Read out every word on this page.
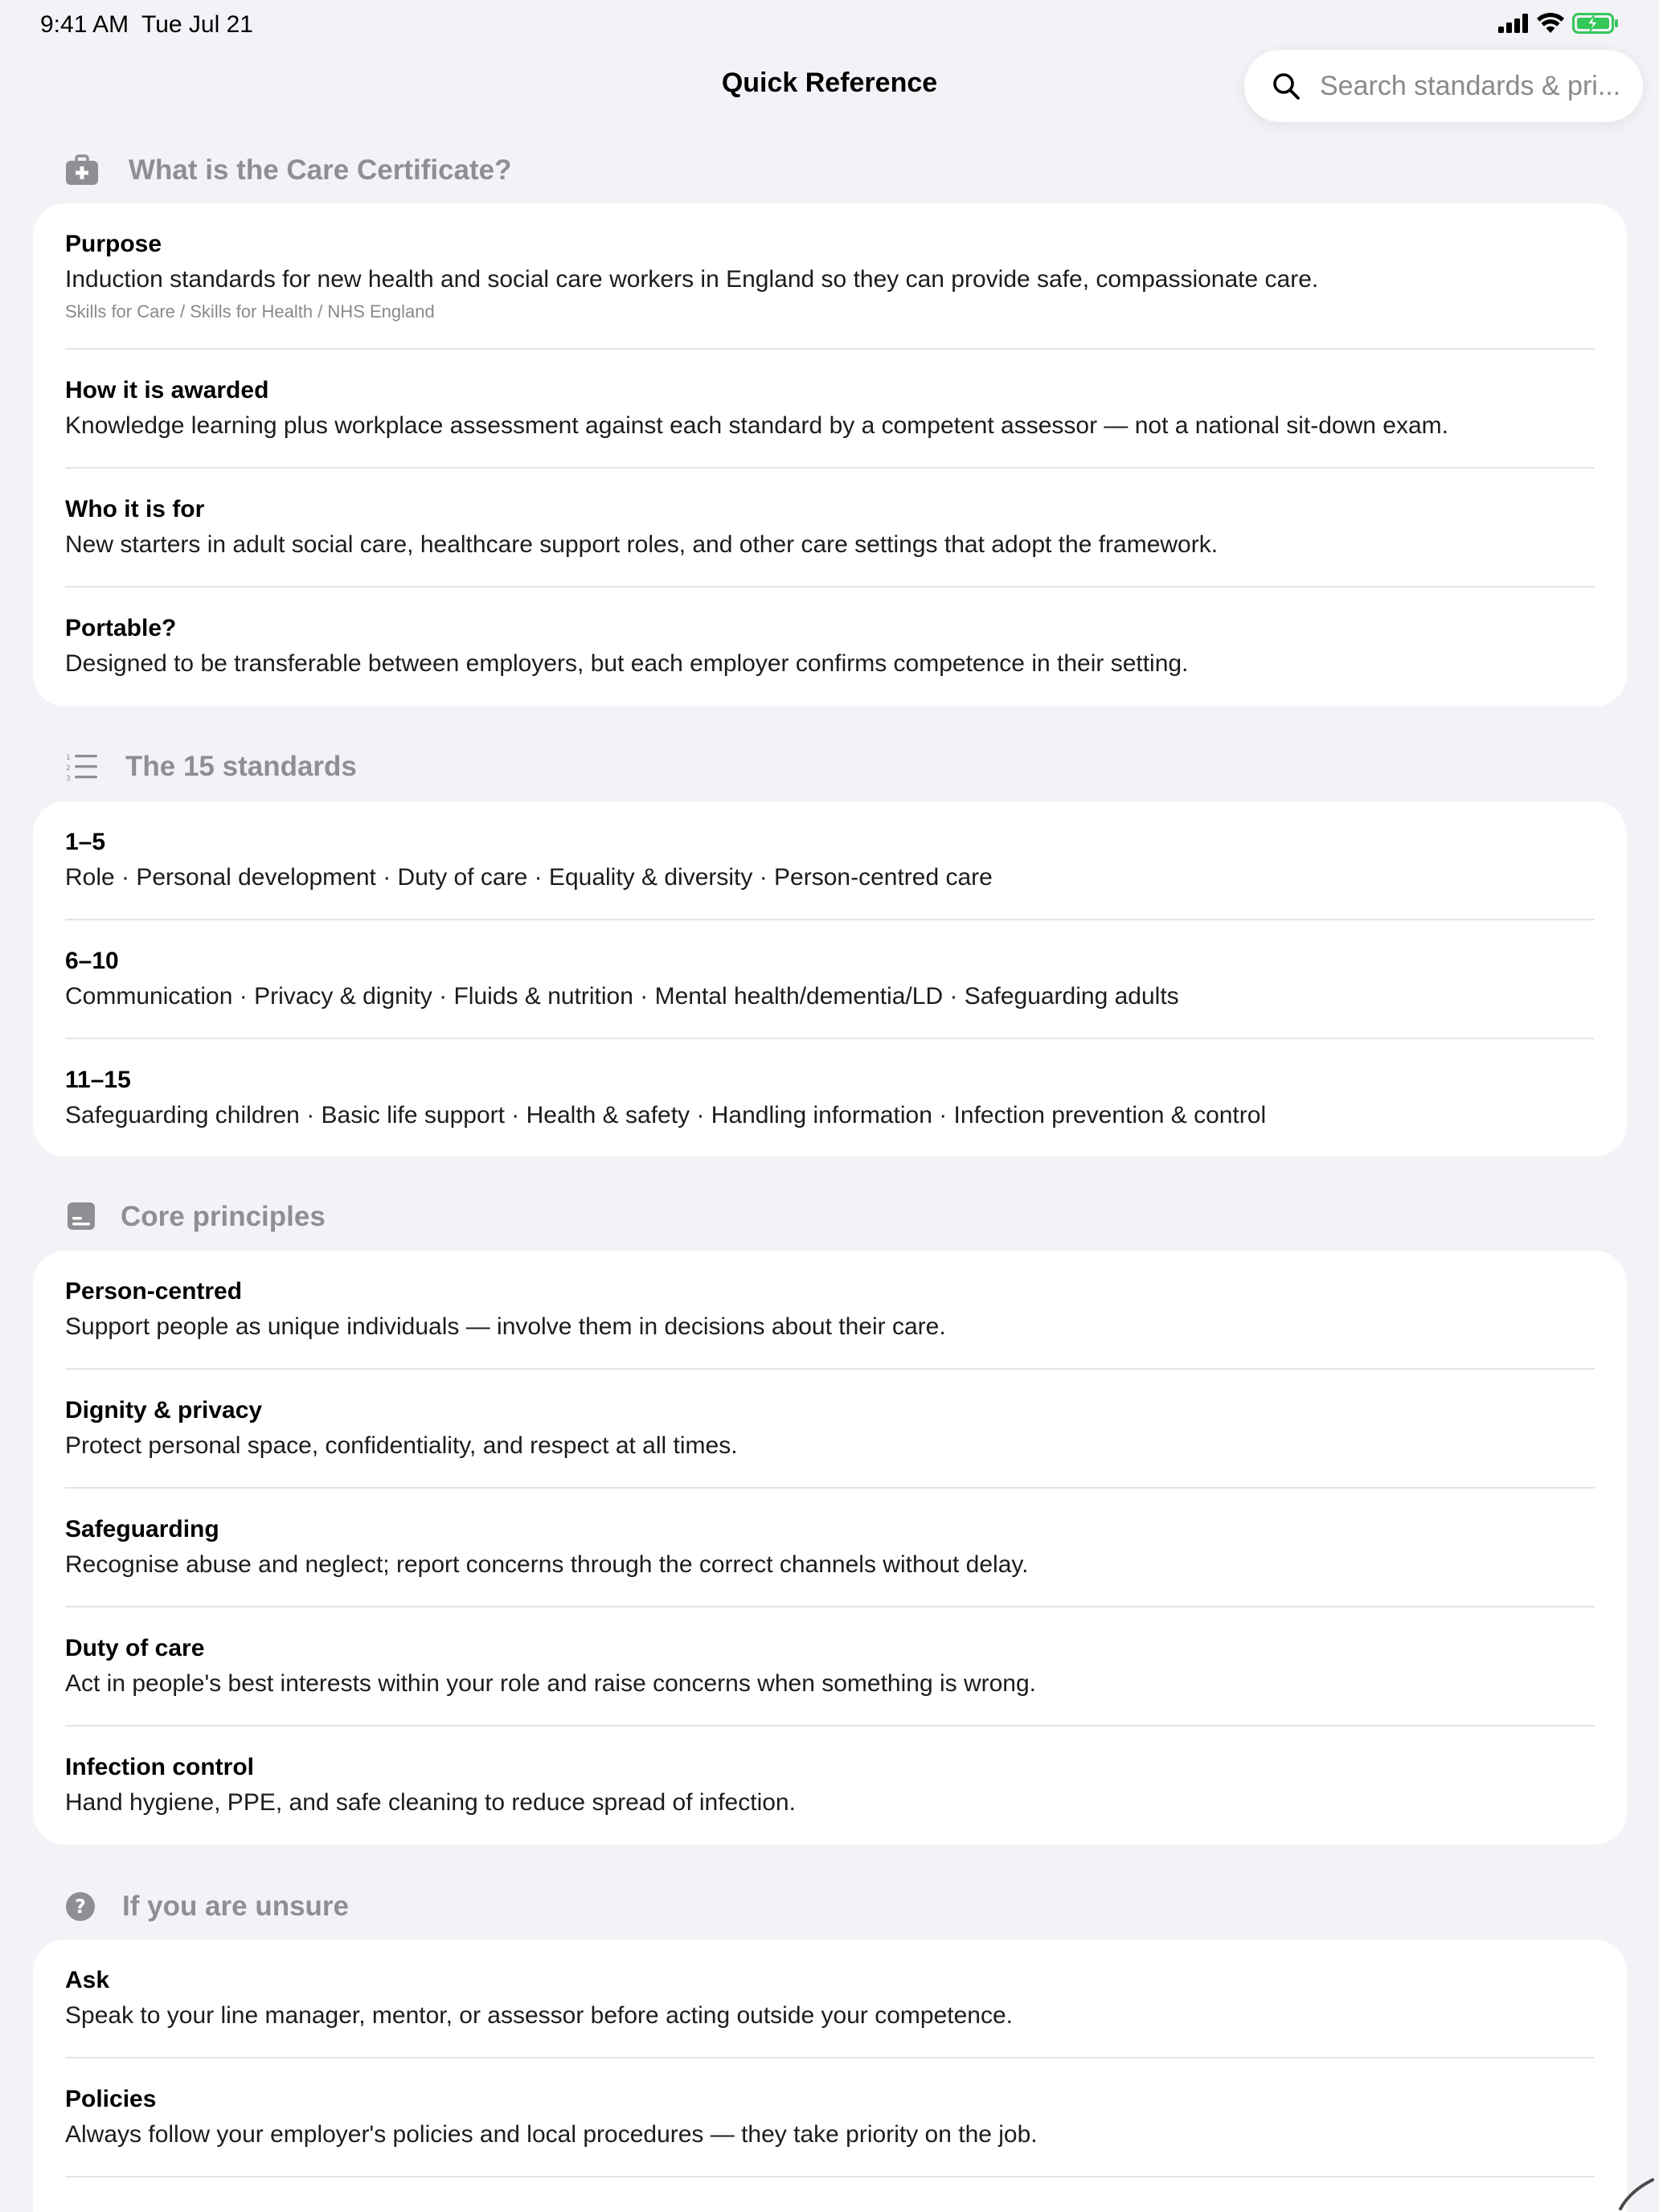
9:41 AM Tue Jul 21
Quick Reference
Search standards & pri...
What is the Care Certificate?
Purpose
Induction standards for new health and social care workers in England so they can provide safe, compassionate care.
Skills for Care / Skills for Health / NHS England
How it is awarded
Knowledge learning plus workplace assessment against each standard by a competent assessor — not a national sit-down exam.
Who it is for
New starters in adult social care, healthcare support roles, and other care settings that adopt the framework.
Portable?
Designed to be transferable between employers, but each employer confirms competence in their setting.
1
2
3 The 15 standards
1–5
Role · Personal development · Duty of care · Equality & diversity · Person-centred care
6–10
Communication · Privacy & dignity · Fluids & nutrition · Mental health/dementia/LD · Safeguarding adults
11–15
Safeguarding children · Basic life support · Health & safety · Handling information · Infection prevention & control
Core principles
Person-centred
Support people as unique individuals — involve them in decisions about their care.
Dignity & privacy
Protect personal space, confidentiality, and respect at all times.
Safeguarding
Recognise abuse and neglect; report concerns through the correct channels without delay.
Duty of care
Act in people's best interests within your role and raise concerns when something is wrong.
Infection control
Hand hygiene, PPE, and safe cleaning to reduce spread of infection.
? If you are unsure
Ask
Speak to your line manager, mentor, or assessor before acting outside your competence.
Policies
Always follow your employer's policies and local procedures — they take priority on the job.
